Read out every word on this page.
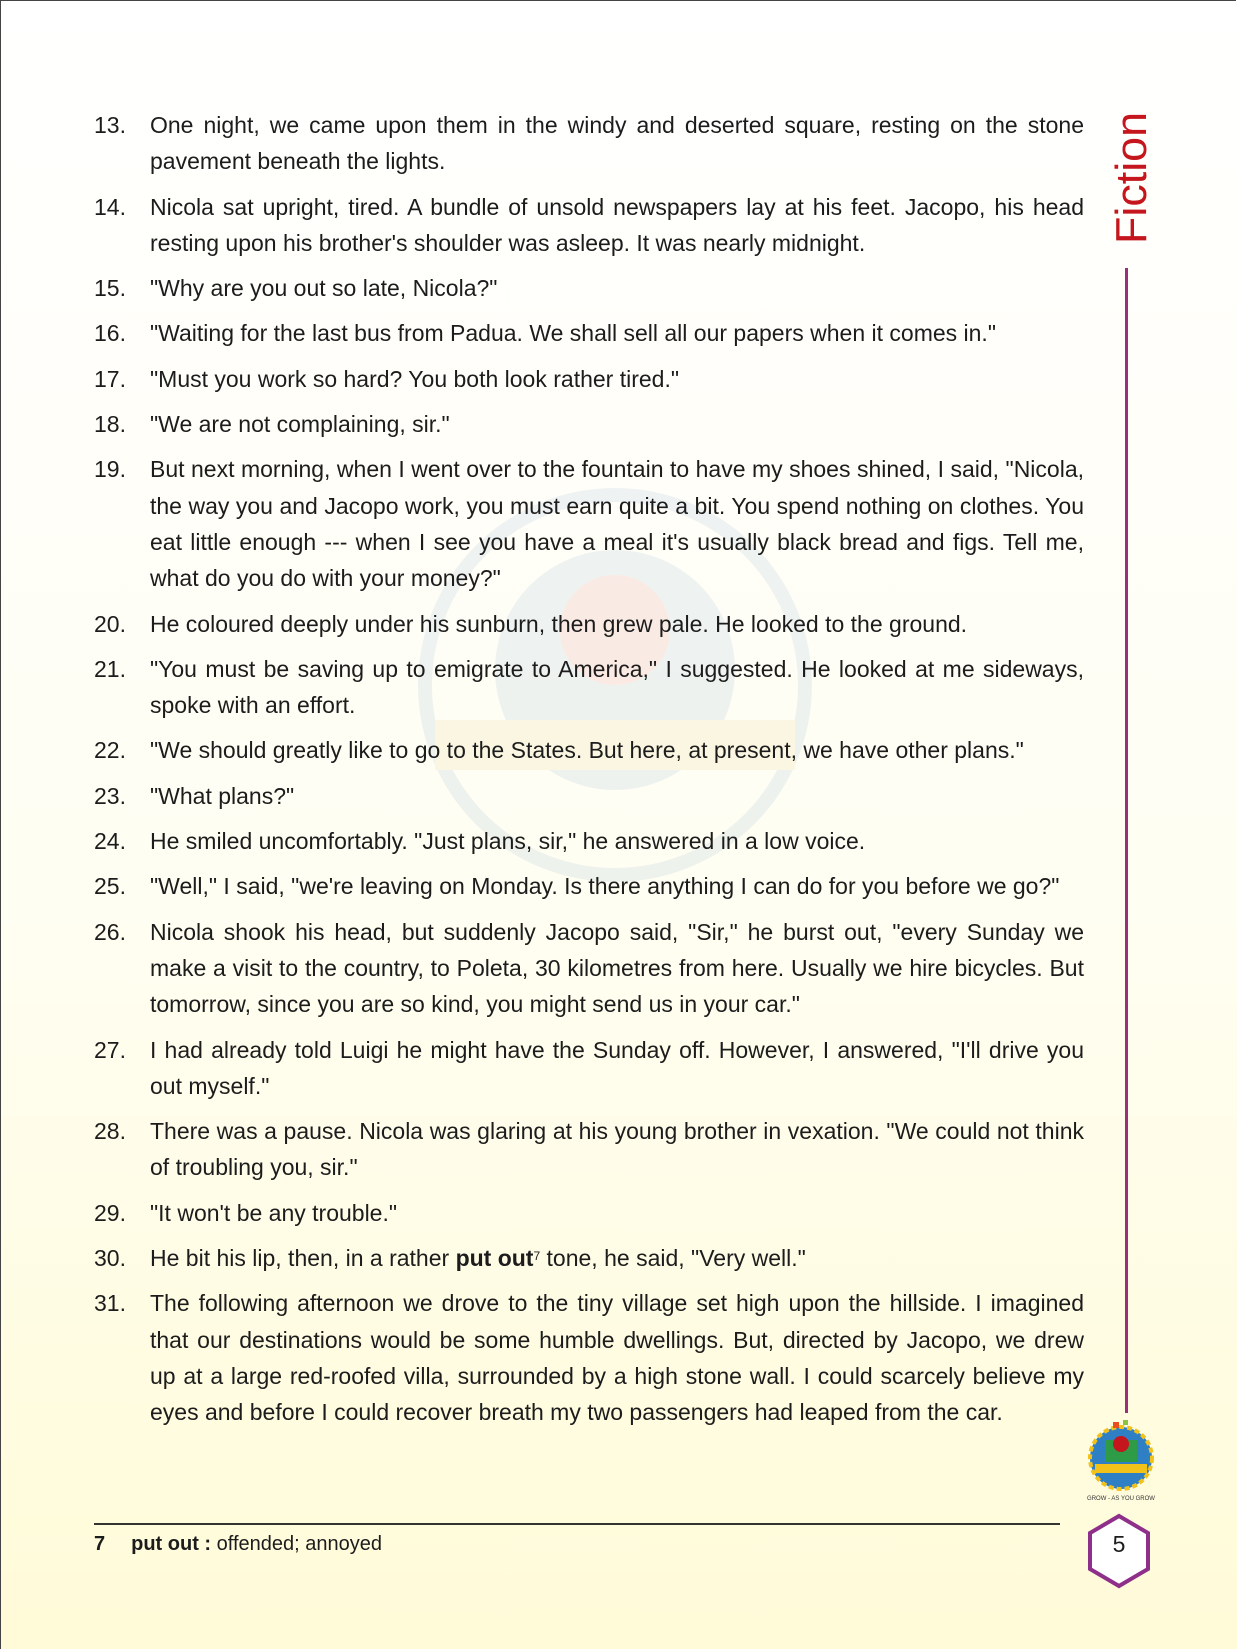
13.	One night, we came upon them in the windy and deserted square, resting on the stone pavement beneath the lights.
14.	Nicola sat upright, tired. A bundle of unsold newspapers lay at his feet. Jacopo, his head resting upon his brother's shoulder was asleep. It was nearly midnight.
15.	"Why are you out so late, Nicola?"
16.	"Waiting for the last bus from Padua. We shall sell all our papers when it comes in."
17.	"Must you work so hard? You both look rather tired."
18.	"We are not complaining, sir."
19.	But next morning, when I went over to the fountain to have my shoes shined, I said, "Nicola, the way you and Jacopo work, you must earn quite a bit. You spend nothing on clothes. You eat little enough --- when I see you have a meal it's usually black bread and figs. Tell me, what do you do with your money?"
20.	He coloured deeply under his sunburn, then grew pale. He looked to the ground.
21.	"You must be saving up to emigrate to America," I suggested. He looked at me sideways, spoke with an effort.
22.	"We should greatly like to go to the States. But here, at present, we have other plans."
23.	"What plans?"
24.	He smiled uncomfortably. "Just plans, sir," he answered in a low voice.
25.	"Well," I said, "we're leaving on Monday. Is there anything I can do for you before we go?"
26.	Nicola shook his head, but suddenly Jacopo said, "Sir," he burst out, "every Sunday we make a visit to the country, to Poleta, 30 kilometres from here. Usually we hire bicycles. But tomorrow, since you are so kind, you might send us in your car."
27.	I had already told Luigi he might have the Sunday off. However, I answered, "I'll drive you out myself."
28.	There was a pause. Nicola was glaring at his young brother in vexation. "We could not think of troubling you, sir."
29.	"It won't be any trouble."
30.	He bit his lip, then, in a rather put out$^7$ tone, he said, "Very well."
31.	The following afternoon we drove to the tiny village set high upon the hillside. I imagined that our destinations would be some humble dwellings. But, directed by Jacopo, we drew up at a large red-roofed villa, surrounded by a high stone wall. I could scarcely believe my eyes and before I could recover breath my two passengers had leaped from the car.
Fiction
GROW - AS YOU GROW
7 put out : offended; annoyed	5
